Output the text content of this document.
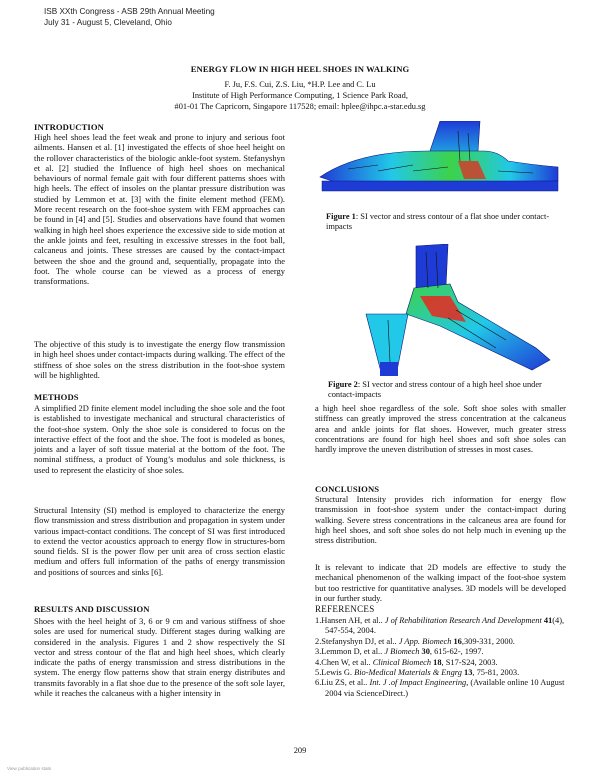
ISB XXth Congress - ASB 29th Annual Meeting
July 31 - August 5, Cleveland, Ohio
ENERGY FLOW IN HIGH HEEL SHOES IN WALKING
F. Ju, F.S. Cui, Z.S. Liu, *H.P. Lee and C. Lu
Institute of High Performance Computing, 1 Science Park Road,
#01-01 The Capricorn, Singapore 117528; email: hplee@ihpc.a-star.edu.sg
INTRODUCTION

High heel shoes lead the feet weak and prone to injury and serious foot ailments. Hansen et al. [1] investigated the effects of shoe heel height on the rollover characteristics of the biologic ankle-foot system. Stefanyshyn et al. [2] studied the Influence of high heel shoes on mechanical behaviours of normal female gait with four different patterns shoes with high heels. The effect of insoles on the plantar pressure distribution was studied by Lemmon et at. [3] with the finite element method (FEM). More recent research on the foot-shoe system with FEM approaches can be found in [4] and [5]. Studies and observations have found that women walking in high heel shoes experience the excessive side to side motion at the ankle joints and feet, resulting in excessive stresses in the foot ball, calcaneus and joints. These stresses are caused by the contact-impact between the shoe and the ground and, sequentially, propagate into the foot. The whole course can be viewed as a process of energy transformations.

The objective of this study is to investigate the energy flow transmission in high heel shoes under contact-impacts during walking. The effect of the stiffness of shoe soles on the stress distribution in the foot-shoe system will be highlighted.

METHODS

A simplified 2D finite element model including the shoe sole and the foot is established to investigate mechanical and structural characteristics of the foot-shoe system. Only the shoe sole is considered to focus on the interactive effect of the foot and the shoe. The foot is modeled as bones, joints and a layer of soft tissue material at the bottom of the foot. The nominal stiffness, a product of Young’s modulus and sole thickness, is used to represent the elasticity of shoe soles.

Structural Intensity (SI) method is employed to characterize the energy flow transmission and stress distribution and propagation in system under various impact-contact conditions. The concept of SI was first introduced to extend the vector acoustics approach to energy flow in structures-born sound fields. SI is the power flow per unit area of cross section elastic medium and offers full information of the paths of energy transmission and positions of sources and sinks [6].

RESULTS AND DISCUSSION

Shoes with the heel height of 3, 6 or 9 cm and various stiffness of shoe soles are used for numerical study. Different stages during walking are considered in the analysis. Figures 1 and 2 show respectively the SI vector and stress contour of the flat and high heel shoes, which clearly indicate the paths of energy transmission and stress distributions in the system. The energy flow patterns show that strain energy distributes and transmits favorably in a flat shoe due to the presence of the soft sole layer, while it reaches the calcaneus with a higher intensity in

Figure 1: SI vector and stress contour of a flat shoe under contact-impacts
Figure 2: SI vector and stress contour of a high heel shoe under contact-impacts

a high heel shoe regardless of the sole. Soft shoe soles with smaller stiffness can greatly improved the stress concentration at the calcaneus area and ankle joints for flat shoes. However, much greater stress concentrations are found for high heel shoes and soft shoe soles can hardly improve the uneven distribution of stresses in most cases.

CONCLUSIONS

Structural Intensity provides rich information for energy flow transmission in foot-shoe system under the contact-impact during walking. Severe stress concentrations in the calcaneus area are found for high heel shoes, and soft shoe soles do not help much in evening up the stress distribution.

It is relevant to indicate that 2D models are effective to study the mechanical phenomenon of the walking impact of the foot-shoe system but too restrictive for quantitative analyses. 3D models will be developed in our further study.

REFERENCES
1.Hansen AH, et al.. J of Rehabilitation Research And Development 41(4), 547-554, 2004.
2.Stefanyshyn DJ, et al.. J App. Biomech 16,309-331, 2000.
3.Lemmon D, et al.. J Biomech 30, 615-62-, 1997.
4.Chen W, et al.. Clinical Biomech 18, S17-S24, 2003.
5.Lewis G. Bio-Medical Materials & Engrg 13, 75-81, 2003.
6.Liu ZS, et al.. Int. J .of Impact Engineering, (Available online 10 August 2004 via ScienceDirect.)
209
View publication stats
